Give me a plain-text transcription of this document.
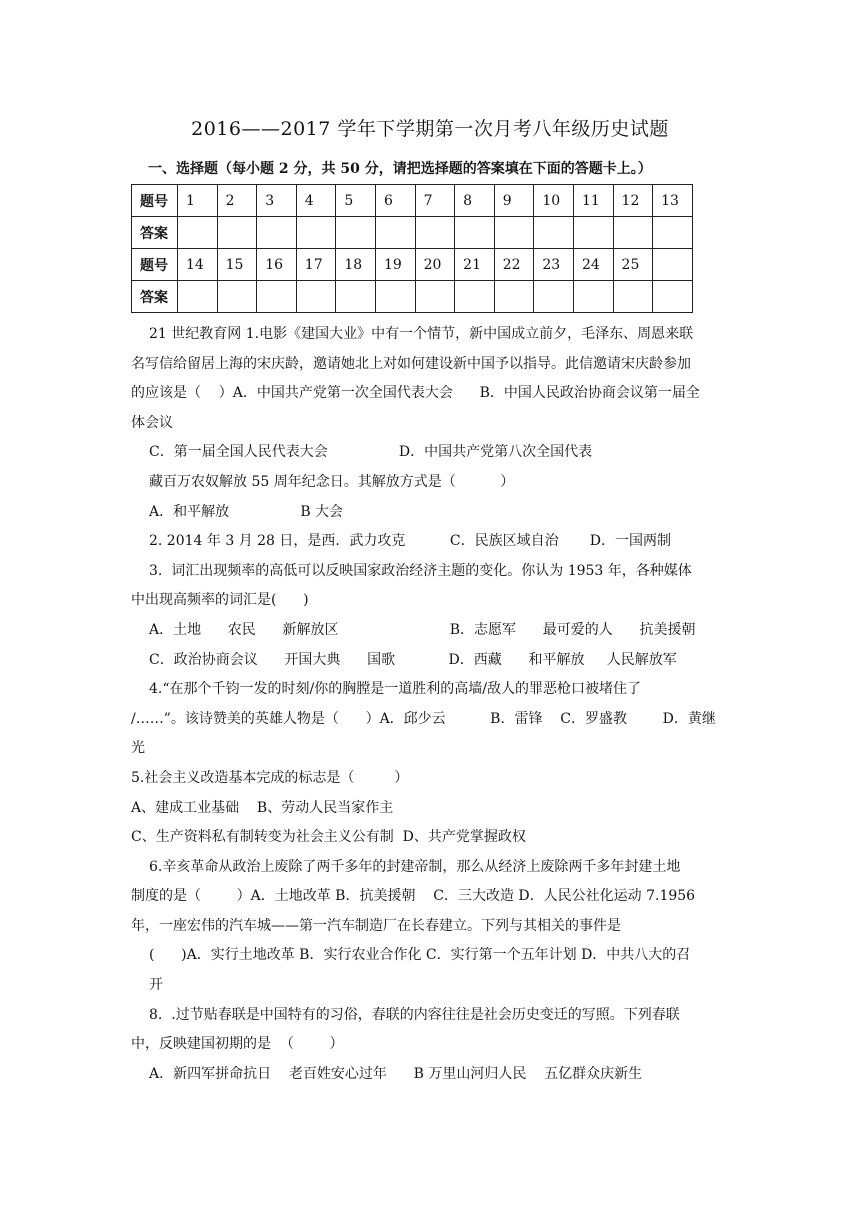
2016——2017 学年下学期第一次月考八年级历史试题
一、选择题（每小题 2 分，共 50 分，请把选择题的答案填在下面的答题卡上。）
题号	1	2	3	4	5	6	7	8	9	10	11	12	13
答案													
题号	14	15	16	17	18	19	20	21	22	23	24	25	
答案													

21 世纪教育网 1.电影《建国大业》中有一个情节，新中国成立前夕，毛泽东、周恩来联

名写信给留居上海的宋庆龄，邀请她北上对如何建设新中国予以指导。此信邀请宋庆龄参加

的应该是（    ）A．中国共产党第一次全国代表大会      B．中国人民政治协商会议第一届全

体会议

C．第一届全国人民代表大会                D．中国共产党第八次全国代表

藏百万农奴解放 55 周年纪念日。其解放方式是（          ）

A．和平解放                B 大会

2. 2014 年 3 月 28 日，是西．武力攻克          C．民族区域自治       D．一国两制

3.  词汇出现频率的高低可以反映国家政治经济主题的变化。你认为 1953 年，各种媒体

中出现高频率的词汇是(      )

A．土地      农民      新解放区                         B．志愿军      最可爱的人      抗美援朝

C．政治协商会议      开国大典      国歌            D．西藏      和平解放     人民解放军

4.“在那个千钧一发的时刻/你的胸膛是一道胜利的高墙/敌人的罪恶枪口被堵住了

/……”。该诗赞美的英雄人物是（      ）A．邱少云          B．雷锋    C．罗盛教        D．黄继

光

5.社会主义改造基本完成的标志是（         ）

A、建成工业基础    B、劳动人民当家作主

C、生产资料私有制转变为社会主义公有制  D、共产党掌握政权

6.辛亥革命从政治上废除了两千多年的封建帝制，那么从经济上废除两千多年封建土地

制度的是（        ）A．土地改革 B．抗美援朝    C．三大改造 D．人民公社化运动 7.1956

年，一座宏伟的汽车城——第一汽车制造厂在长春建立。下列与其相关的事件是

(      )A．实行土地改革 B．实行农业合作化 C．实行第一个五年计划 D．中共八大的召

开

8.  .过节贴春联是中国特有的习俗，春联的内容往往是社会历史变迁的写照。下列春联

中，反映建国初期的是  （        ）

A．新四军拼命抗日    老百姓安心过年      B 万里山河归人民    五亿群众庆新生
